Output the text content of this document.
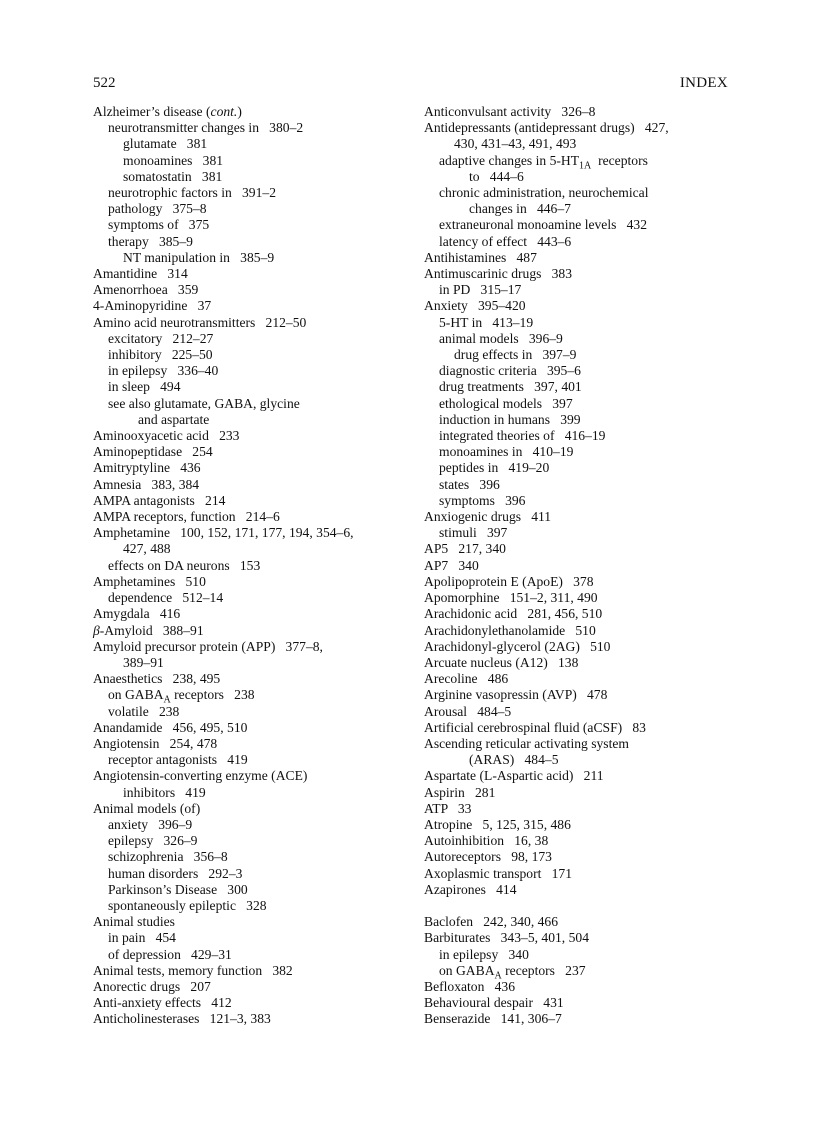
522	INDEX
Alzheimer’s disease (cont.)
neurotransmitter changes in   380–2
glutamate   381
monoamines   381
somatostatin   381
neurotrophic factors in   391–2
pathology   375–8
symptoms of   375
therapy   385–9
NT manipulation in   385–9
Amantidine   314
Amenorrhoea   359
4-Aminopyridine   37
Amino acid neurotransmitters   212–50
excitatory   212–27
inhibitory   225–50
in epilepsy   336–40
in sleep   494
see also glutamate, GABA, glycine
and aspartate
Aminooxyacetic acid   233
Aminopeptidase   254
Amitryptyline   436
Amnesia   383, 384
AMPA antagonists   214
AMPA receptors, function   214–6
Amphetamine   100, 152, 171, 177, 194, 354–6,
427, 488
effects on DA neurons   153
Amphetamines   510
dependence   512–14
Amygdala   416
β-Amyloid   388–91
Amyloid precursor protein (APP)   377–8,
389–91
Anaesthetics   238, 495
on $GABA_A$ receptors   238
volatile   238
Anandamide   456, 495, 510
Angiotensin   254, 478
receptor antagonists   419
Angiotensin-converting enzyme (ACE)
inhibitors   419
Animal models (of)
anxiety   396–9
epilepsy   326–9
schizophrenia   356–8
human disorders   292–3
Parkinson’s Disease   300
spontaneously epileptic   328
Animal studies
in pain   454
of depression   429–31
Animal tests, memory function   382
Anorectic drugs   207
Anti-anxiety effects   412
Anticholinesterases   121–3, 383
Anticonvulsant activity   326–8
Antidepressants (antidepressant drugs)   427,
430, 431–43, 491, 493
adaptive changes in $5-HT_{1A}$  receptors
to   444–6
chronic administration, neurochemical
changes in   446–7
extraneuronal monoamine levels   432
latency of effect   443–6
Antihistamines   487
Antimuscarinic drugs   383
in PD   315–17
Anxiety   395–420
5-HT in   413–19
animal models   396–9
drug effects in   397–9
diagnostic criteria   395–6
drug treatments   397, 401
ethological models   397
induction in humans   399
integrated theories of   416–19
monoamines in   410–19
peptides in   419–20
states   396
symptoms   396
Anxiogenic drugs   411
stimuli   397
AP5   217, 340
AP7   340
Apolipoprotein E (ApoE)   378
Apomorphine   151–2, 311, 490
Arachidonic acid   281, 456, 510
Arachidonylethanolamide   510
Arachidonyl-glycerol (2AG)   510
Arcuate nucleus (A12)   138
Arecoline   486
Arginine vasopressin (AVP)   478
Arousal   484–5
Artificial cerebrospinal fluid (aCSF)   83
Ascending reticular activating system
(ARAS)   484–5
Aspartate (L-Aspartic acid)   211
Aspirin   281
ATP   33
Atropine   5, 125, 315, 486
Autoinhibition   16, 38
Autoreceptors   98, 173
Axoplasmic transport   171
Azapirones   414
Baclofen   242, 340, 466
Barbiturates   343–5, 401, 504
in epilepsy   340
on $GABA_A$ receptors   237
Befloxaton   436
Behavioural despair   431
Benserazide   141, 306–7
